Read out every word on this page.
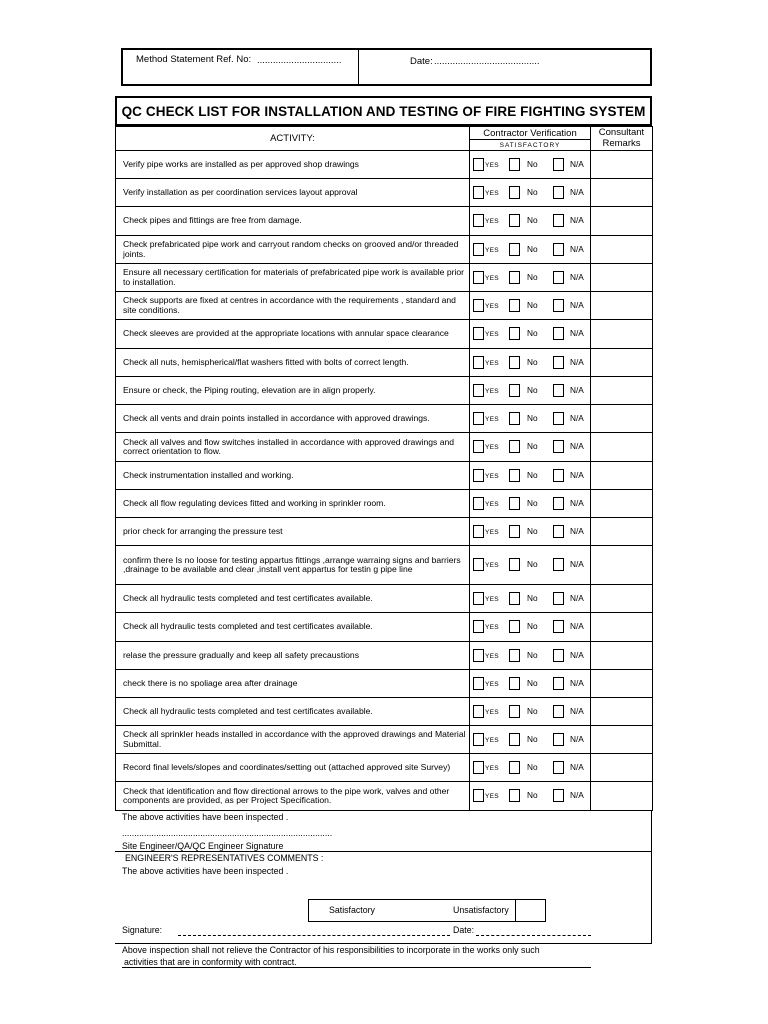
Method Statement Ref. No: ................................	Date: ........................................
QC CHECK LIST FOR INSTALLATION AND TESTING OF FIRE FIGHTING SYSTEM
ACTIVITY:	Contractor Verification	Consultant
Remarks

	SATISFACTORY	
Verify pipe works are installed as per approved shop drawings	YES No N/A	

Verify installation as per coordination services layout approval	YES No N/A	

Check pipes and fittings are free from damage.	YES No N/A	

Check prefabricated pipe work and carryout random checks on grooved and/or threaded joints.	YES No N/A	

Ensure all necessary certification for materials of prefabricated pipe work is available prior to installation.	YES No N/A	

Check supports are fixed at centres in accordance with the requirements , standard and site conditions.	YES No N/A	

Check sleeves are provided at the appropriate locations with annular space clearance	YES No N/A	

Check all nuts, hemispherical/flat washers fitted with bolts of correct length.	YES No N/A	

Ensure or check, the Piping routing, elevation are in align properly.	YES No N/A	

Check all vents and drain points installed in accordance with approved drawings.	YES No N/A	

Check all valves and flow switches installed in accordance with approved drawings and correct orientation to flow.	YES No N/A	

Check instrumentation installed and working.	YES No N/A	

Check all flow regulating devices fitted and working in sprinkler room.	YES No N/A	

prior check for arranging the pressure test	YES No N/A	

confirm there Is no loose for testing appartus fittings ,arrange warraing signs and barriers ,drainage to be available and clear ,install vent appartus for testin g pipe line	YES No N/A	

Check all hydraulic tests completed and test certificates available.	YES No N/A	

Check all hydraulic tests completed and test certificates available.	YES No N/A	

relase the pressure gradually and keep all safety precaustions	YES No N/A	

check there is no spoliage area after drainage	YES No N/A	

Check all hydraulic tests completed and test certificates available.	YES No N/A	

Check all sprinkler heads installed in accordance with the approved drawings and Material Submittal.	YES No N/A	

Record final levels/slopes and coordinates/setting out (attached approved site Survey)	YES No N/A	

Check that identification and flow directional arrows to the pipe work, valves and other components are provided, as per Project Specification.	YES No N/A	

The above activities have been inspected .
......................................................................................
Site Engineer/QA/QC Engineer Signature
ENGINEER'S REPRESENTATIVES COMMENTS :
The above activities have been inspected .
Satisfactory	Unsatisfactory
Signature:	Date:
Above inspection shall not relieve the Contractor of his responsibilities to incorporate in the works only such
activities that are in conformity with contract.
